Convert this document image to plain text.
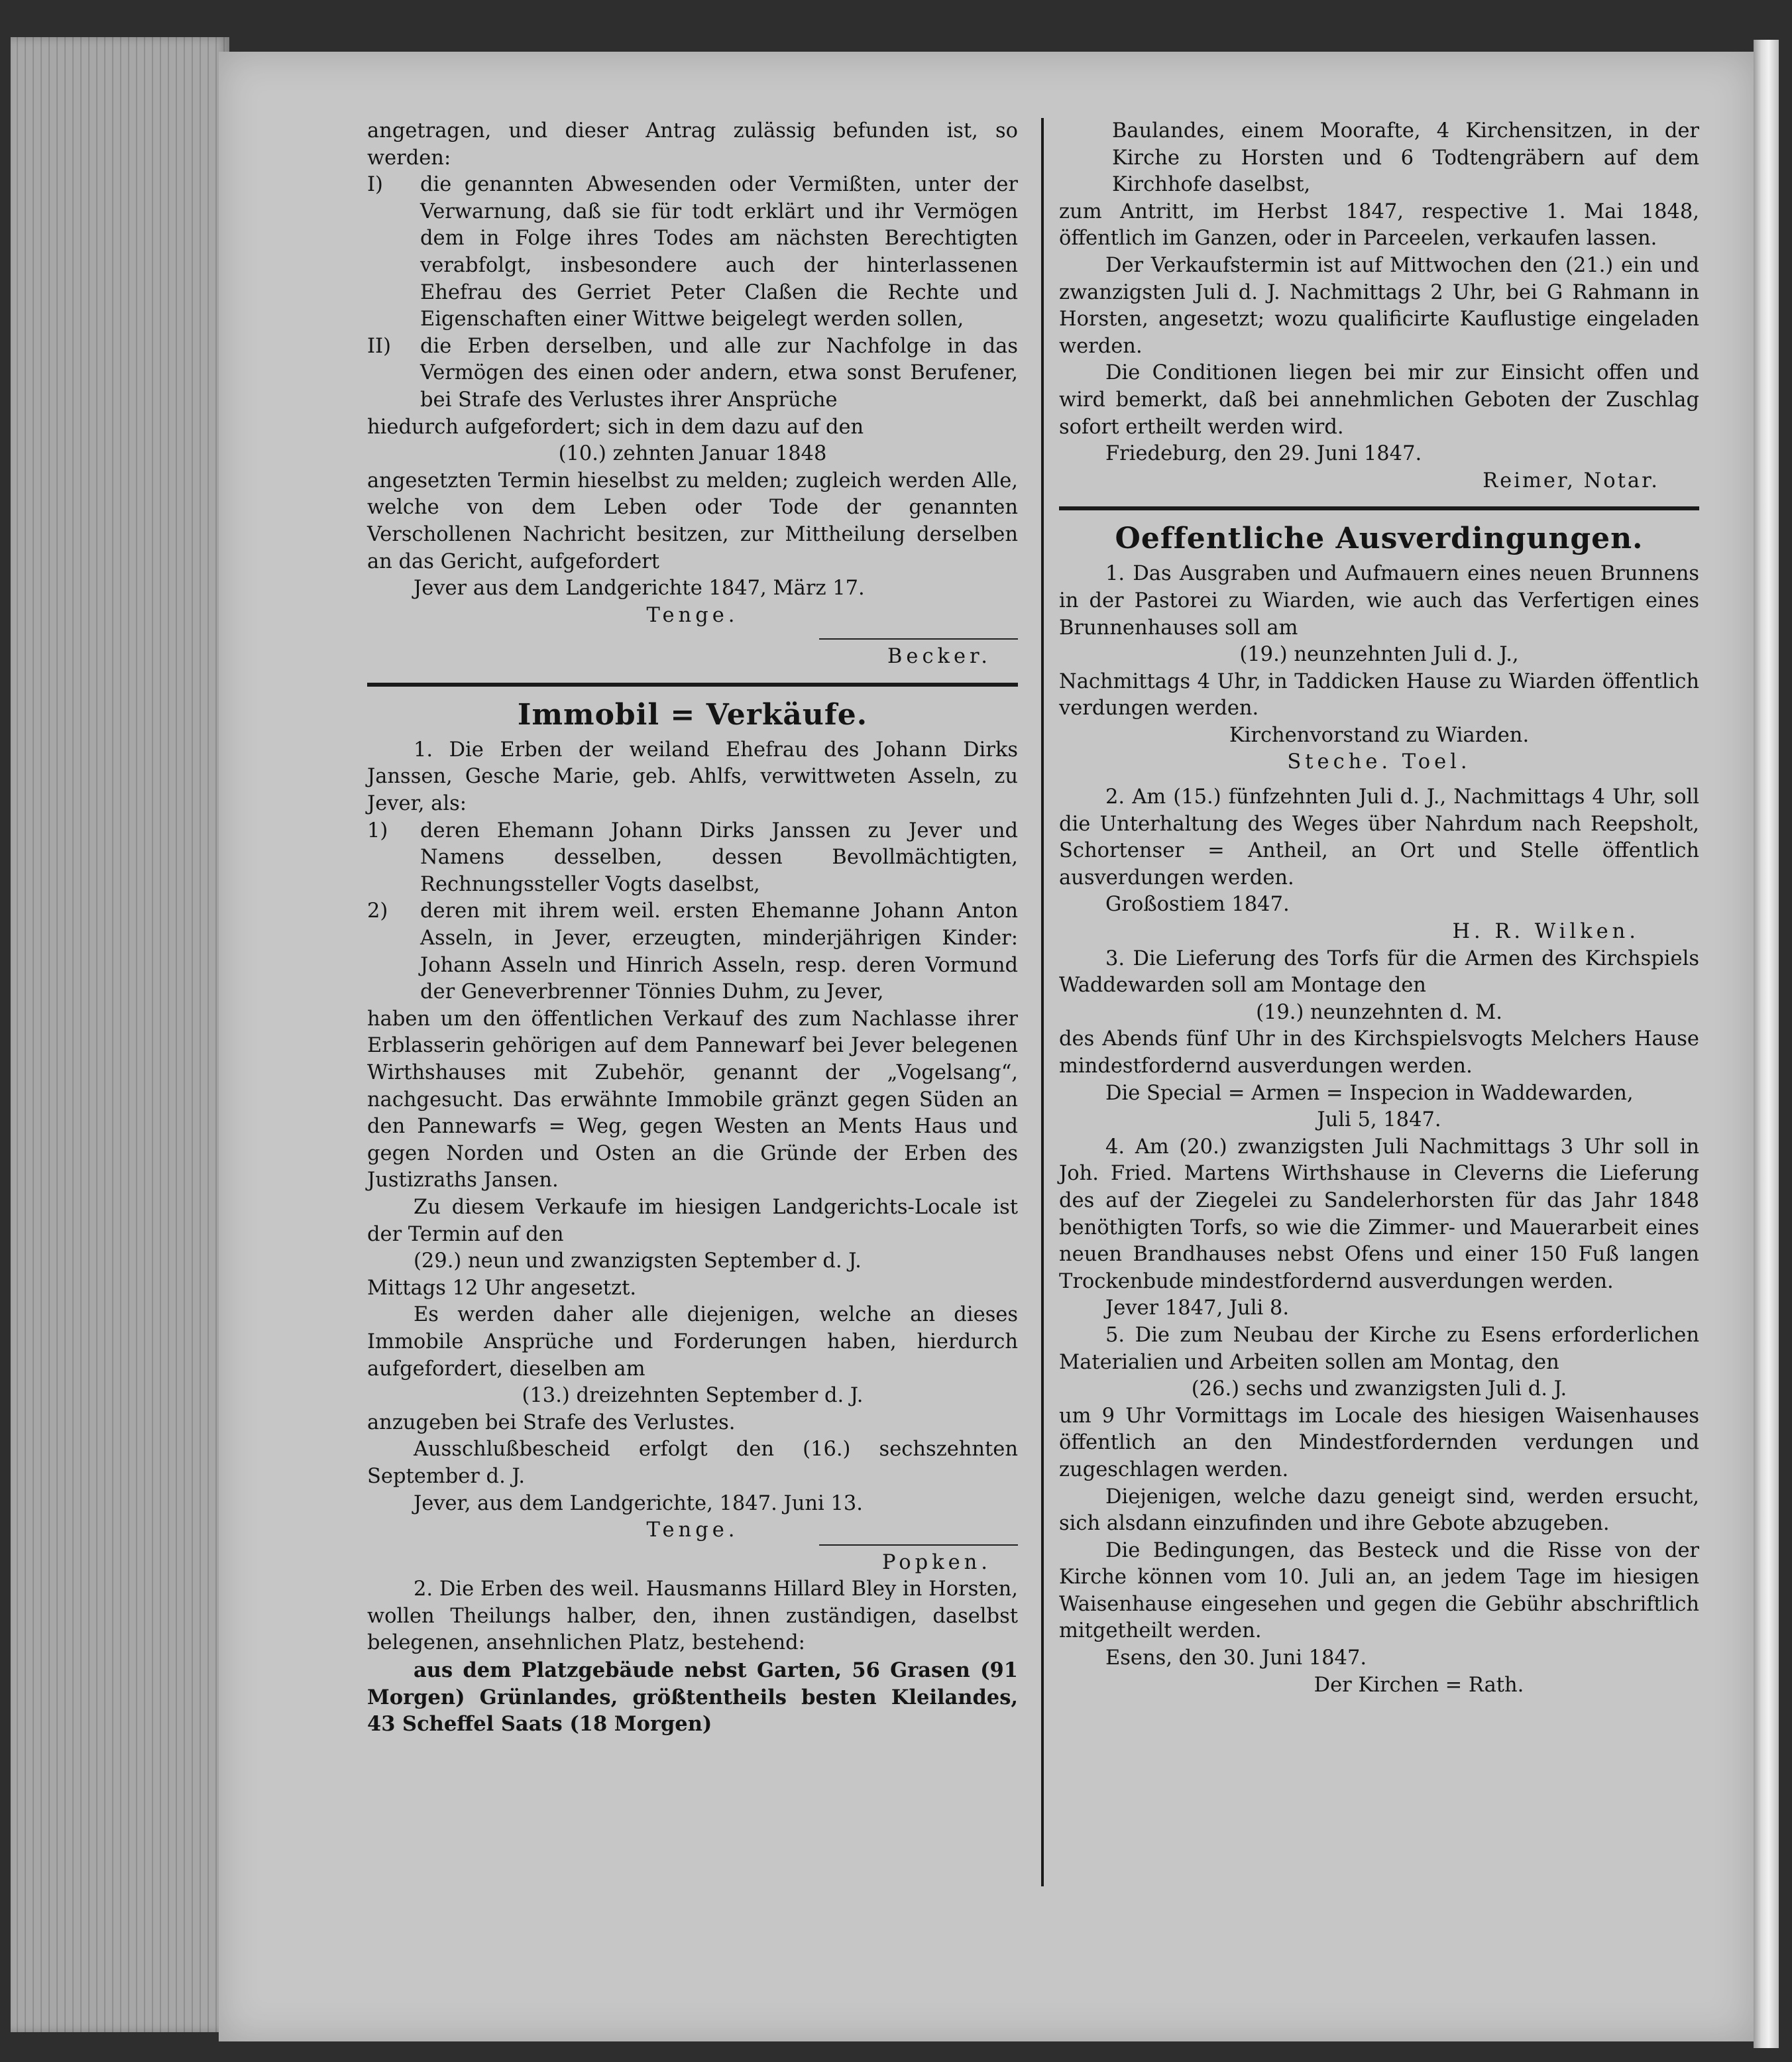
angetragen, und dieser Antrag zulässig befunden ist, so werden:

I) die genannten Abwesenden oder Vermißten, unter der Verwarnung, daß sie für todt erklärt und ihr Vermögen dem in Folge ihres Todes am nächsten Berechtigten verabfolgt, insbesondere auch der hinterlassenen Ehefrau des Gerriet Peter Claßen die Rechte und Eigenschaften einer Wittwe beigelegt werden sollen,

II) die Erben derselben, und alle zur Nachfolge in das Vermögen des einen oder andern, etwa sonst Berufener, bei Strafe des Verlustes ihrer Ansprüche

hiedurch aufgefordert; sich in dem dazu auf den

(10.) zehnten Januar 1848

angesetzten Termin hieselbst zu melden; zugleich werden Alle, welche von dem Leben oder Tode der genannten Verschollenen Nachricht besitzen, zur Mittheilung derselben an das Gericht, aufgefordert

Jever aus dem Landgerichte 1847, März 17.

Tenge.

Becker.

Immobil = Verkäufe.

1. Die Erben der weiland Ehefrau des Johann Dirks Janssen, Gesche Marie, geb. Ahlfs, verwittweten Asseln, zu Jever, als:

1) deren Ehemann Johann Dirks Janssen zu Jever und Namens desselben, dessen Bevollmächtigten, Rechnungssteller Vogts daselbst,

2) deren mit ihrem weil. ersten Ehemanne Johann Anton Asseln, in Jever, erzeugten, minderjährigen Kinder: Johann Asseln und Hinrich Asseln, resp. deren Vormund der Geneverbrenner Tönnies Duhm, zu Jever,

haben um den öffentlichen Verkauf des zum Nachlasse ihrer Erblasserin gehörigen auf dem Pannewarf bei Jever belegenen Wirthshauses mit Zubehör, genannt der „Vogelsang“, nachgesucht. Das erwähnte Immobile gränzt gegen Süden an den Pannewarfs = Weg, gegen Westen an Ments Haus und gegen Norden und Osten an die Gründe der Erben des Justizraths Jansen.

Zu diesem Verkaufe im hiesigen Landgerichts-Locale ist der Termin auf den

(29.) neun und zwanzigsten September d. J.

Mittags 12 Uhr angesetzt.

Es werden daher alle diejenigen, welche an dieses Immobile Ansprüche und Forderungen haben, hierdurch aufgefordert, dieselben am

(13.) dreizehnten September d. J.

anzugeben bei Strafe des Verlustes.

Ausschlußbescheid erfolgt den (16.) sechszehnten September d. J.

Jever, aus dem Landgerichte, 1847. Juni 13.

Tenge.

Popken.

2. Die Erben des weil. Hausmanns Hillard Bley in Horsten, wollen Theilungs halber, den, ihnen zuständigen, daselbst belegenen, ansehnlichen Platz, bestehend:

aus dem Platzgebäude nebst Garten, 56 Grasen (91 Morgen) Grünlandes, größtentheils besten Kleilandes, 43 Scheffel Saats (18 Morgen)

Baulandes, einem Moorafte, 4 Kirchensitzen, in der Kirche zu Horsten und 6 Todtengräbern auf dem Kirchhofe daselbst,

zum Antritt, im Herbst 1847, respective 1. Mai 1848, öffentlich im Ganzen, oder in Parceelen, verkaufen lassen.

Der Verkaufstermin ist auf Mittwochen den (21.) ein und zwanzigsten Juli d. J. Nachmittags 2 Uhr, bei G Rahmann in Horsten, angesetzt; wozu qualificirte Kauflustige eingeladen werden.

Die Conditionen liegen bei mir zur Einsicht offen und wird bemerkt, daß bei annehmlichen Geboten der Zuschlag sofort ertheilt werden wird.

Friedeburg, den 29. Juni 1847.

Reimer, Notar.

Oeffentliche Ausverdingungen.

1. Das Ausgraben und Aufmauern eines neuen Brunnens in der Pastorei zu Wiarden, wie auch das Verfertigen eines Brunnenhauses soll am

(19.) neunzehnten Juli d. J.,

Nachmittags 4 Uhr, in Taddicken Hause zu Wiarden öffentlich verdungen werden.

Kirchenvorstand zu Wiarden.

Steche. Toel.

2. Am (15.) fünfzehnten Juli d. J., Nachmittags 4 Uhr, soll die Unterhaltung des Weges über Nahrdum nach Reepsholt, Schortenser = Antheil, an Ort und Stelle öffentlich ausverdungen werden.

Großostiem 1847.

H. R. Wilken.

3. Die Lieferung des Torfs für die Armen des Kirchspiels Waddewarden soll am Montage den

(19.) neunzehnten d. M.

des Abends fünf Uhr in des Kirchspielsvogts Melchers Hause mindestfordernd ausverdungen werden.

Die Special = Armen = Inspecion in Waddewarden,

Juli 5, 1847.

4. Am (20.) zwanzigsten Juli Nachmittags 3 Uhr soll in Joh. Fried. Martens Wirthshause in Cleverns die Lieferung des auf der Ziegelei zu Sandelerhorsten für das Jahr 1848 benöthigten Torfs, so wie die Zimmer- und Mauerarbeit eines neuen Brandhauses nebst Ofens und einer 150 Fuß langen Trockenbude mindestfordernd ausverdungen werden.

Jever 1847, Juli 8.

5. Die zum Neubau der Kirche zu Esens erforderlichen Materialien und Arbeiten sollen am Montag, den

(26.) sechs und zwanzigsten Juli d. J.

um 9 Uhr Vormittags im Locale des hiesigen Waisenhauses öffentlich an den Mindestfordernden verdungen und zugeschlagen werden.

Diejenigen, welche dazu geneigt sind, werden ersucht, sich alsdann einzufinden und ihre Gebote abzugeben.

Die Bedingungen, das Besteck und die Risse von der Kirche können vom 10. Juli an, an jedem Tage im hiesigen Waisenhause eingesehen und gegen die Gebühr abschriftlich mitgetheilt werden.

Esens, den 30. Juni 1847.

Der Kirchen = Rath.
